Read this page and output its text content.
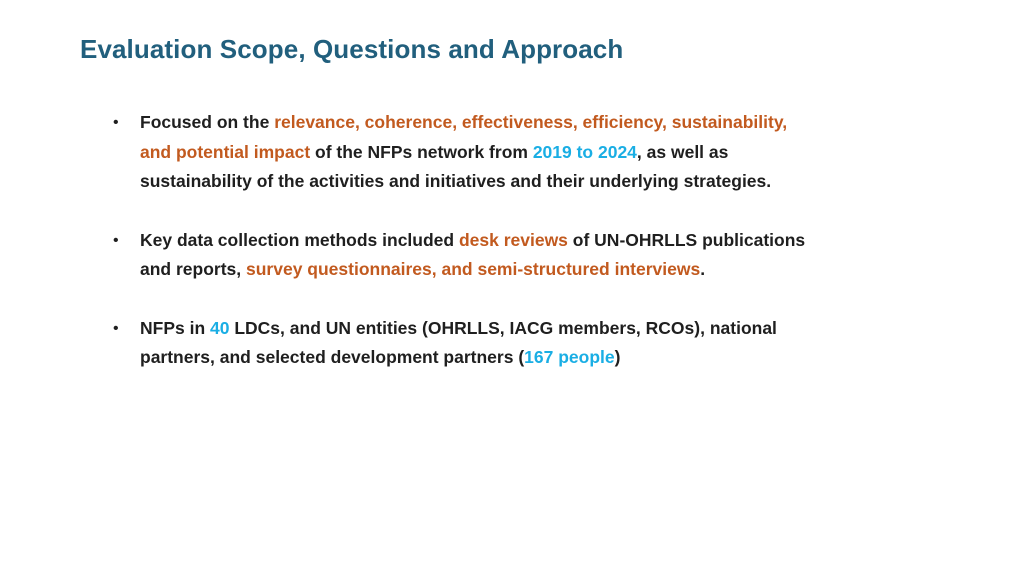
Evaluation Scope, Questions and Approach
• Focused on the relevance, coherence, effectiveness, efficiency, sustainability, and potential impact of the NFPs network from 2019 to 2024, as well as sustainability of the activities and initiatives and their underlying strategies.
• Key data collection methods included desk reviews of UN-OHRLLS publications and reports, survey questionnaires, and semi-structured interviews.
• NFPs in 40 LDCs, and UN entities (OHRLLS, IACG members, RCOs), national partners, and selected development partners (167 people)
